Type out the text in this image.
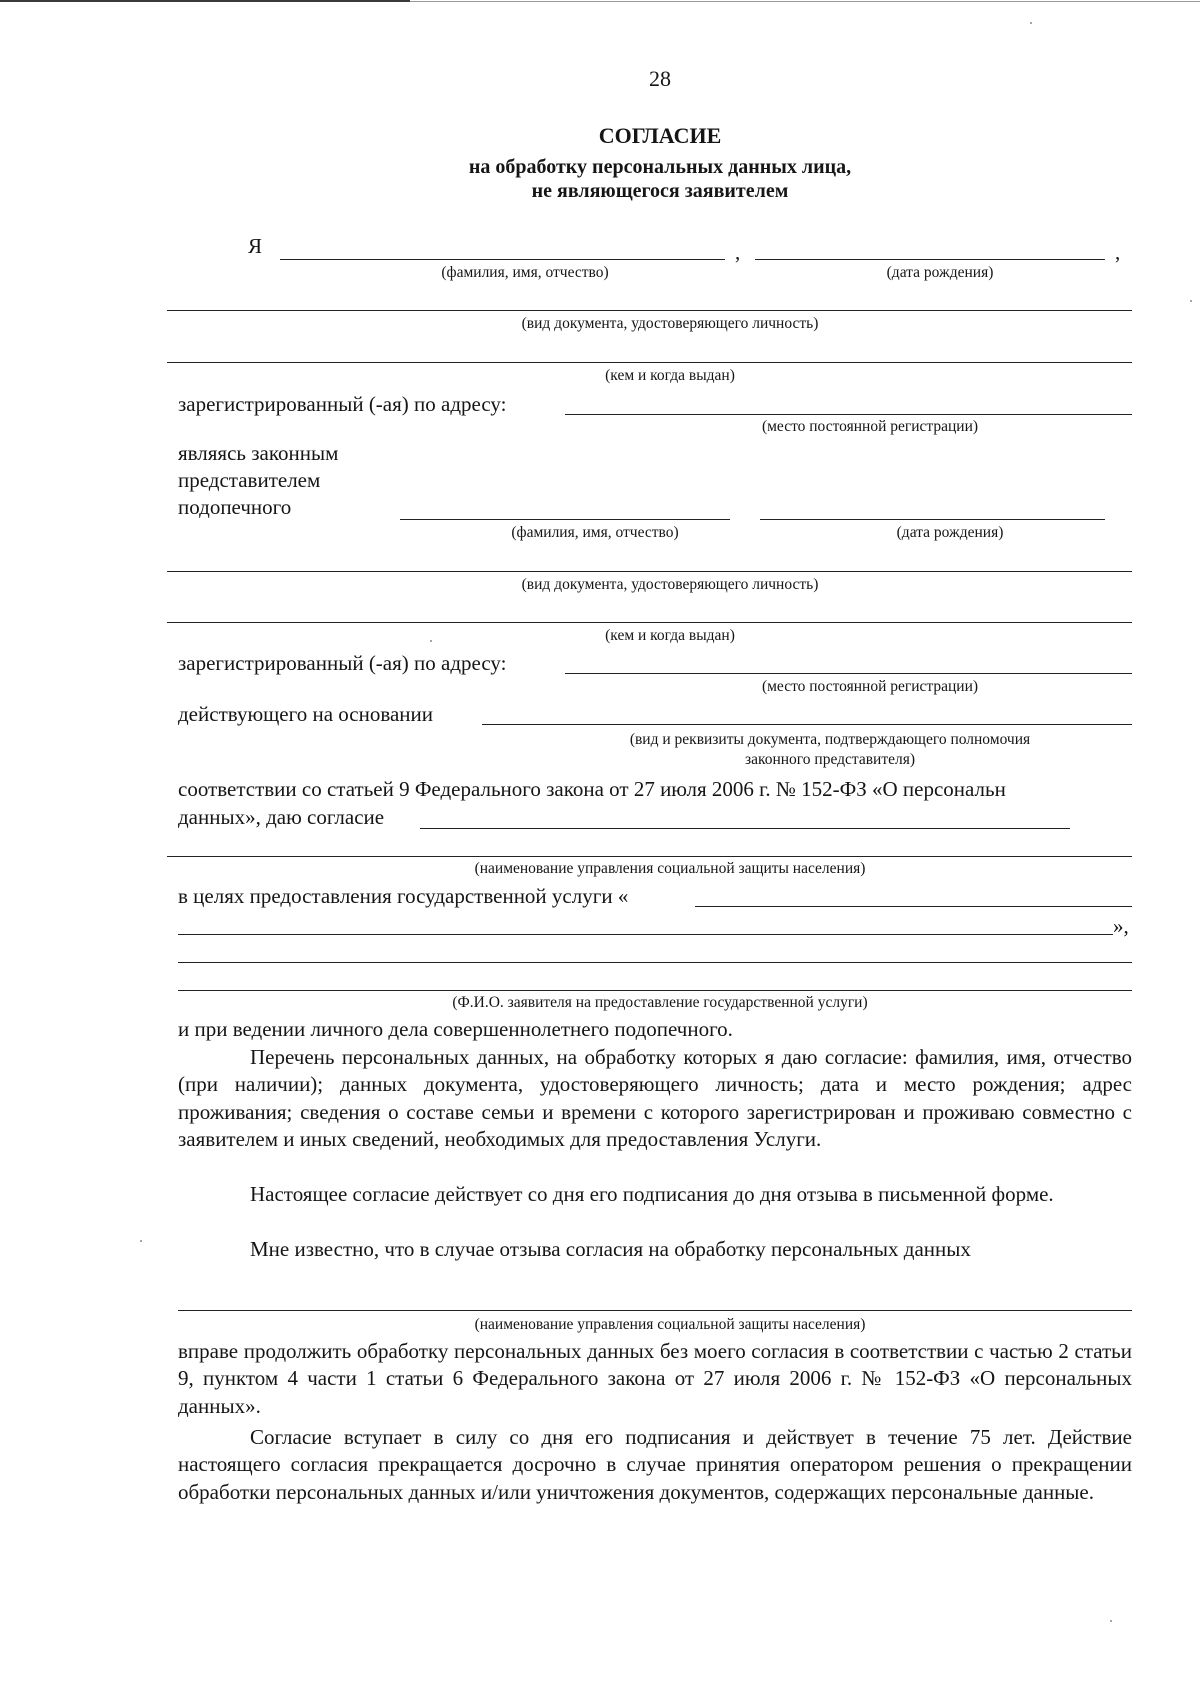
28
СОГЛАСИЕ
на обработку персональных данных лица,
не являющегося заявителем
Я	,	,
(фамилия, имя, отчество)	(дата рождения)
(вид документа, удостоверяющего личность)
(кем и когда выдан)
зарегистрированный (-ая) по адресу:
(место постоянной регистрации)
являясь законным
представителем
подопечного
(фамилия, имя, отчество)	(дата рождения)
(вид документа, удостоверяющего личность)
(кем и когда выдан)
зарегистрированный (-ая) по адресу:
(место постоянной регистрации)
действующего на основании
(вид и реквизиты документа, подтверждающего полномочия
законного представителя)
соответствии со статьей 9 Федерального закона от 27 июля 2006 г. № 152-ФЗ «О персональн
данных», даю согласие
(наименование управления социальной защиты населения)
в целях предоставления государственной услуги «
»,
(Ф.И.О. заявителя на предоставление государственной услуги)
и при ведении личного дела совершеннолетнего подопечного.
Перечень персональных данных, на обработку которых я даю согласие: фамилия, имя, отчество (при наличии); данных документа, удостоверяющего личность; дата и место рождения; адрес проживания; сведения о составе семьи и времени с которого зарегистрирован и проживаю совместно с заявителем и иных сведений, необходимых для предоставления Услуги.
Настоящее согласие действует со дня его подписания до дня отзыва в письменной форме.
Мне известно, что в случае отзыва согласия на обработку персональных данных
(наименование управления социальной защиты населения)
вправе продолжить обработку персональных данных без моего согласия в соответствии с частью 2 статьи 9, пунктом 4 части 1 статьи 6 Федерального закона от 27 июля 2006 г. № 152-ФЗ «О персональных данных».
Согласие вступает в силу со дня его подписания и действует в течение 75 лет. Действие настоящего согласия прекращается досрочно в случае принятия оператором решения о прекращении обработки персональных данных и/или уничтожения документов, содержащих персональные данные.
